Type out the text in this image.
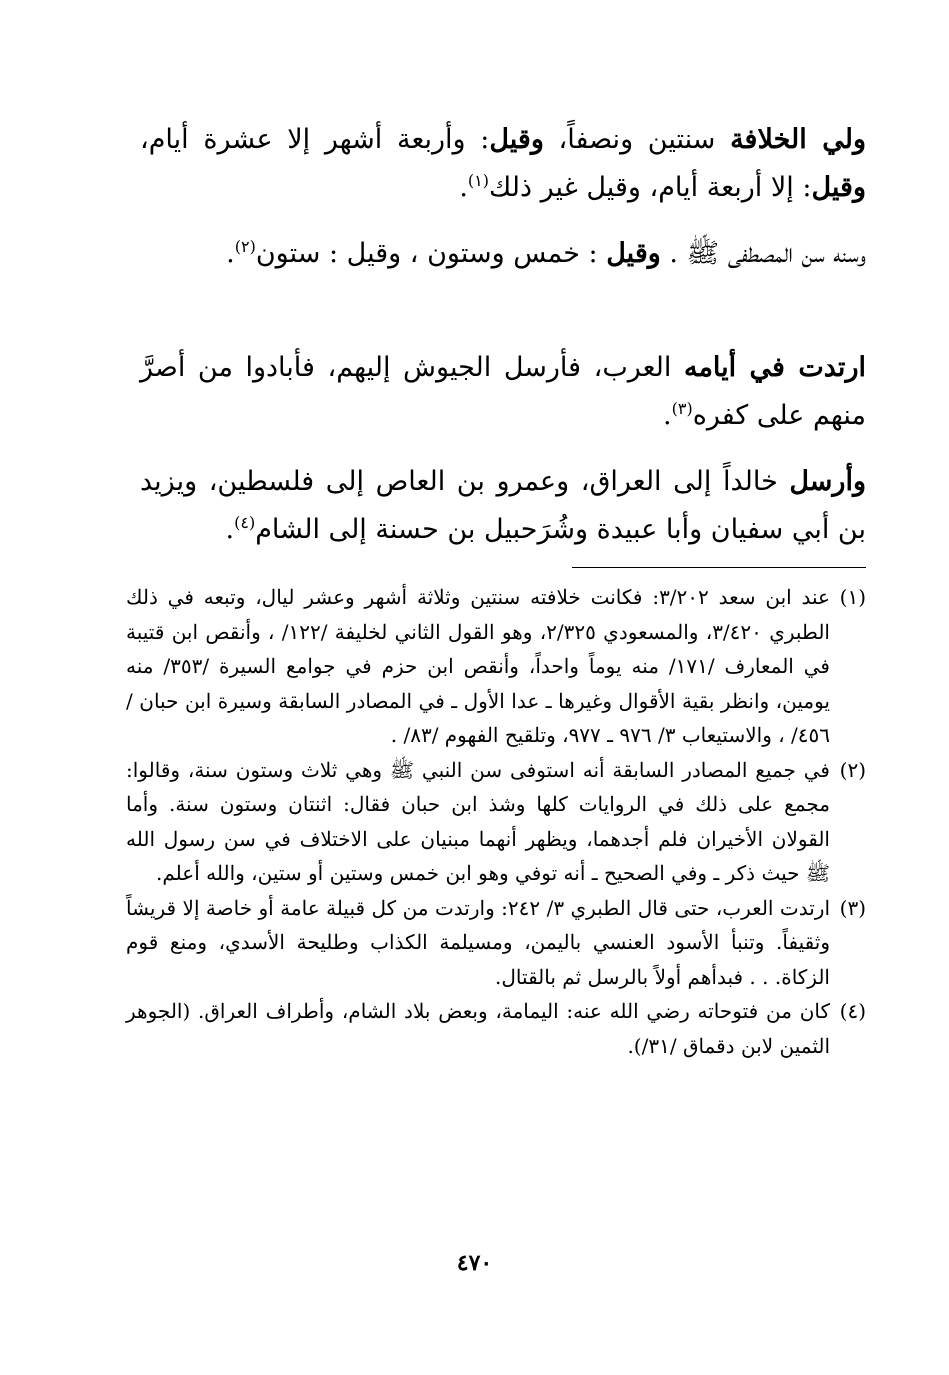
ولي الخلافة سنتين ونصفاً، وقيل: وأربعة أشهر إلا عشرة أيام، وقيل: إلا أربعة أيام، وقيل غير ذلك$^{(١)}$.

وسنه سن المصطفى ﷺ . وقيل : خمس وستون ، وقيل : ستون$^{(٢)}$.

ارتدت في أيامه العرب، فأرسل الجيوش إليهم، فأبادوا من أصرَّ منهم على كفره$^{(٣)}$.

وأرسل خالداً إلى العراق، وعمرو بن العاص إلى فلسطين، ويزيد بن أبي سفيان وأبا عبيدة وشُرَحبيل بن حسنة إلى الشام$^{(٤)}$.

(١)
عند ابن سعد ٣/٢٠٢: فكانت خلافته سنتين وثلاثة أشهر وعشر ليال، وتبعه في ذلك الطبري ٣/٤٢٠، والمسعودي ٢/٣٢٥، وهو القول الثاني لخليفة /١٢٢/ ، وأنقص ابن قتيبة في المعارف /١٧١/ منه يوماً واحداً، وأنقص ابن حزم في جوامع السيرة /٣٥٣/ منه يومين، وانظر بقية الأقوال وغيرها ـ عدا الأول ـ في المصادر السابقة وسيرة ابن حبان /٤٥٦/ ، والاستيعاب ٣/ ٩٧٦ ـ ٩٧٧، وتلقيح الفهوم /٨٣/ .
(٢)
في جميع المصادر السابقة أنه استوفى سن النبي ﷺ وهي ثلاث وستون سنة، وقالوا: مجمع على ذلك في الروايات كلها وشذ ابن حبان فقال: اثنتان وستون سنة. وأما القولان الأخيران فلم أجدهما، ويظهر أنهما مبنيان على الاختلاف في سن رسول الله ﷺ حيث ذكر ـ وفي الصحيح ـ أنه توفي وهو ابن خمس وستين أو ستين، والله أعلم.
(٣)
ارتدت العرب، حتى قال الطبري ٣/ ٢٤٢: وارتدت من كل قبيلة عامة أو خاصة إلا قريشاً وثقيفاً. وتنبأ الأسود العنسي باليمن، ومسيلمة الكذاب وطليحة الأسدي، ومنع قوم الزكاة. . . فبدأهم أولاً بالرسل ثم بالقتال.
(٤)
كان من فتوحاته رضي الله عنه: اليمامة، وبعض بلاد الشام، وأطراف العراق. (الجوهر الثمين لابن دقماق /٣١/).
٤٧٠
